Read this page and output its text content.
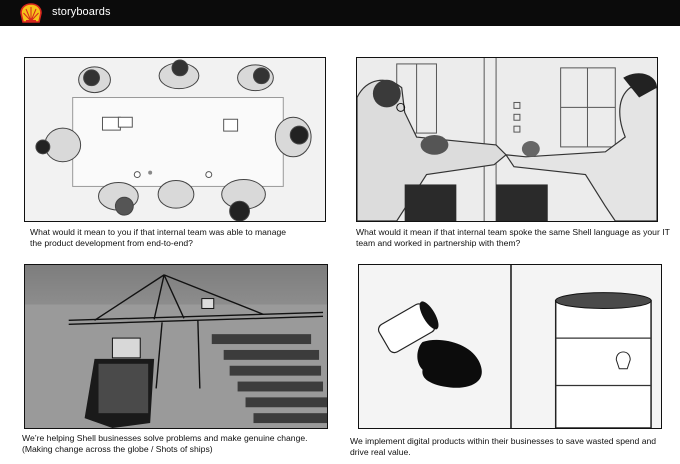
storyboards
What would it mean to you if that internal team was able to manage
the product development from end-to-end?
What would it mean if that internal team spoke the same Shell language as your IT
team and worked in partnership with them?
We’re helping Shell businesses solve problems and make genuine change.
(Making change across the globe / Shots of ships)
We implement digital products within their businesses to save wasted spend and
drive real value.
